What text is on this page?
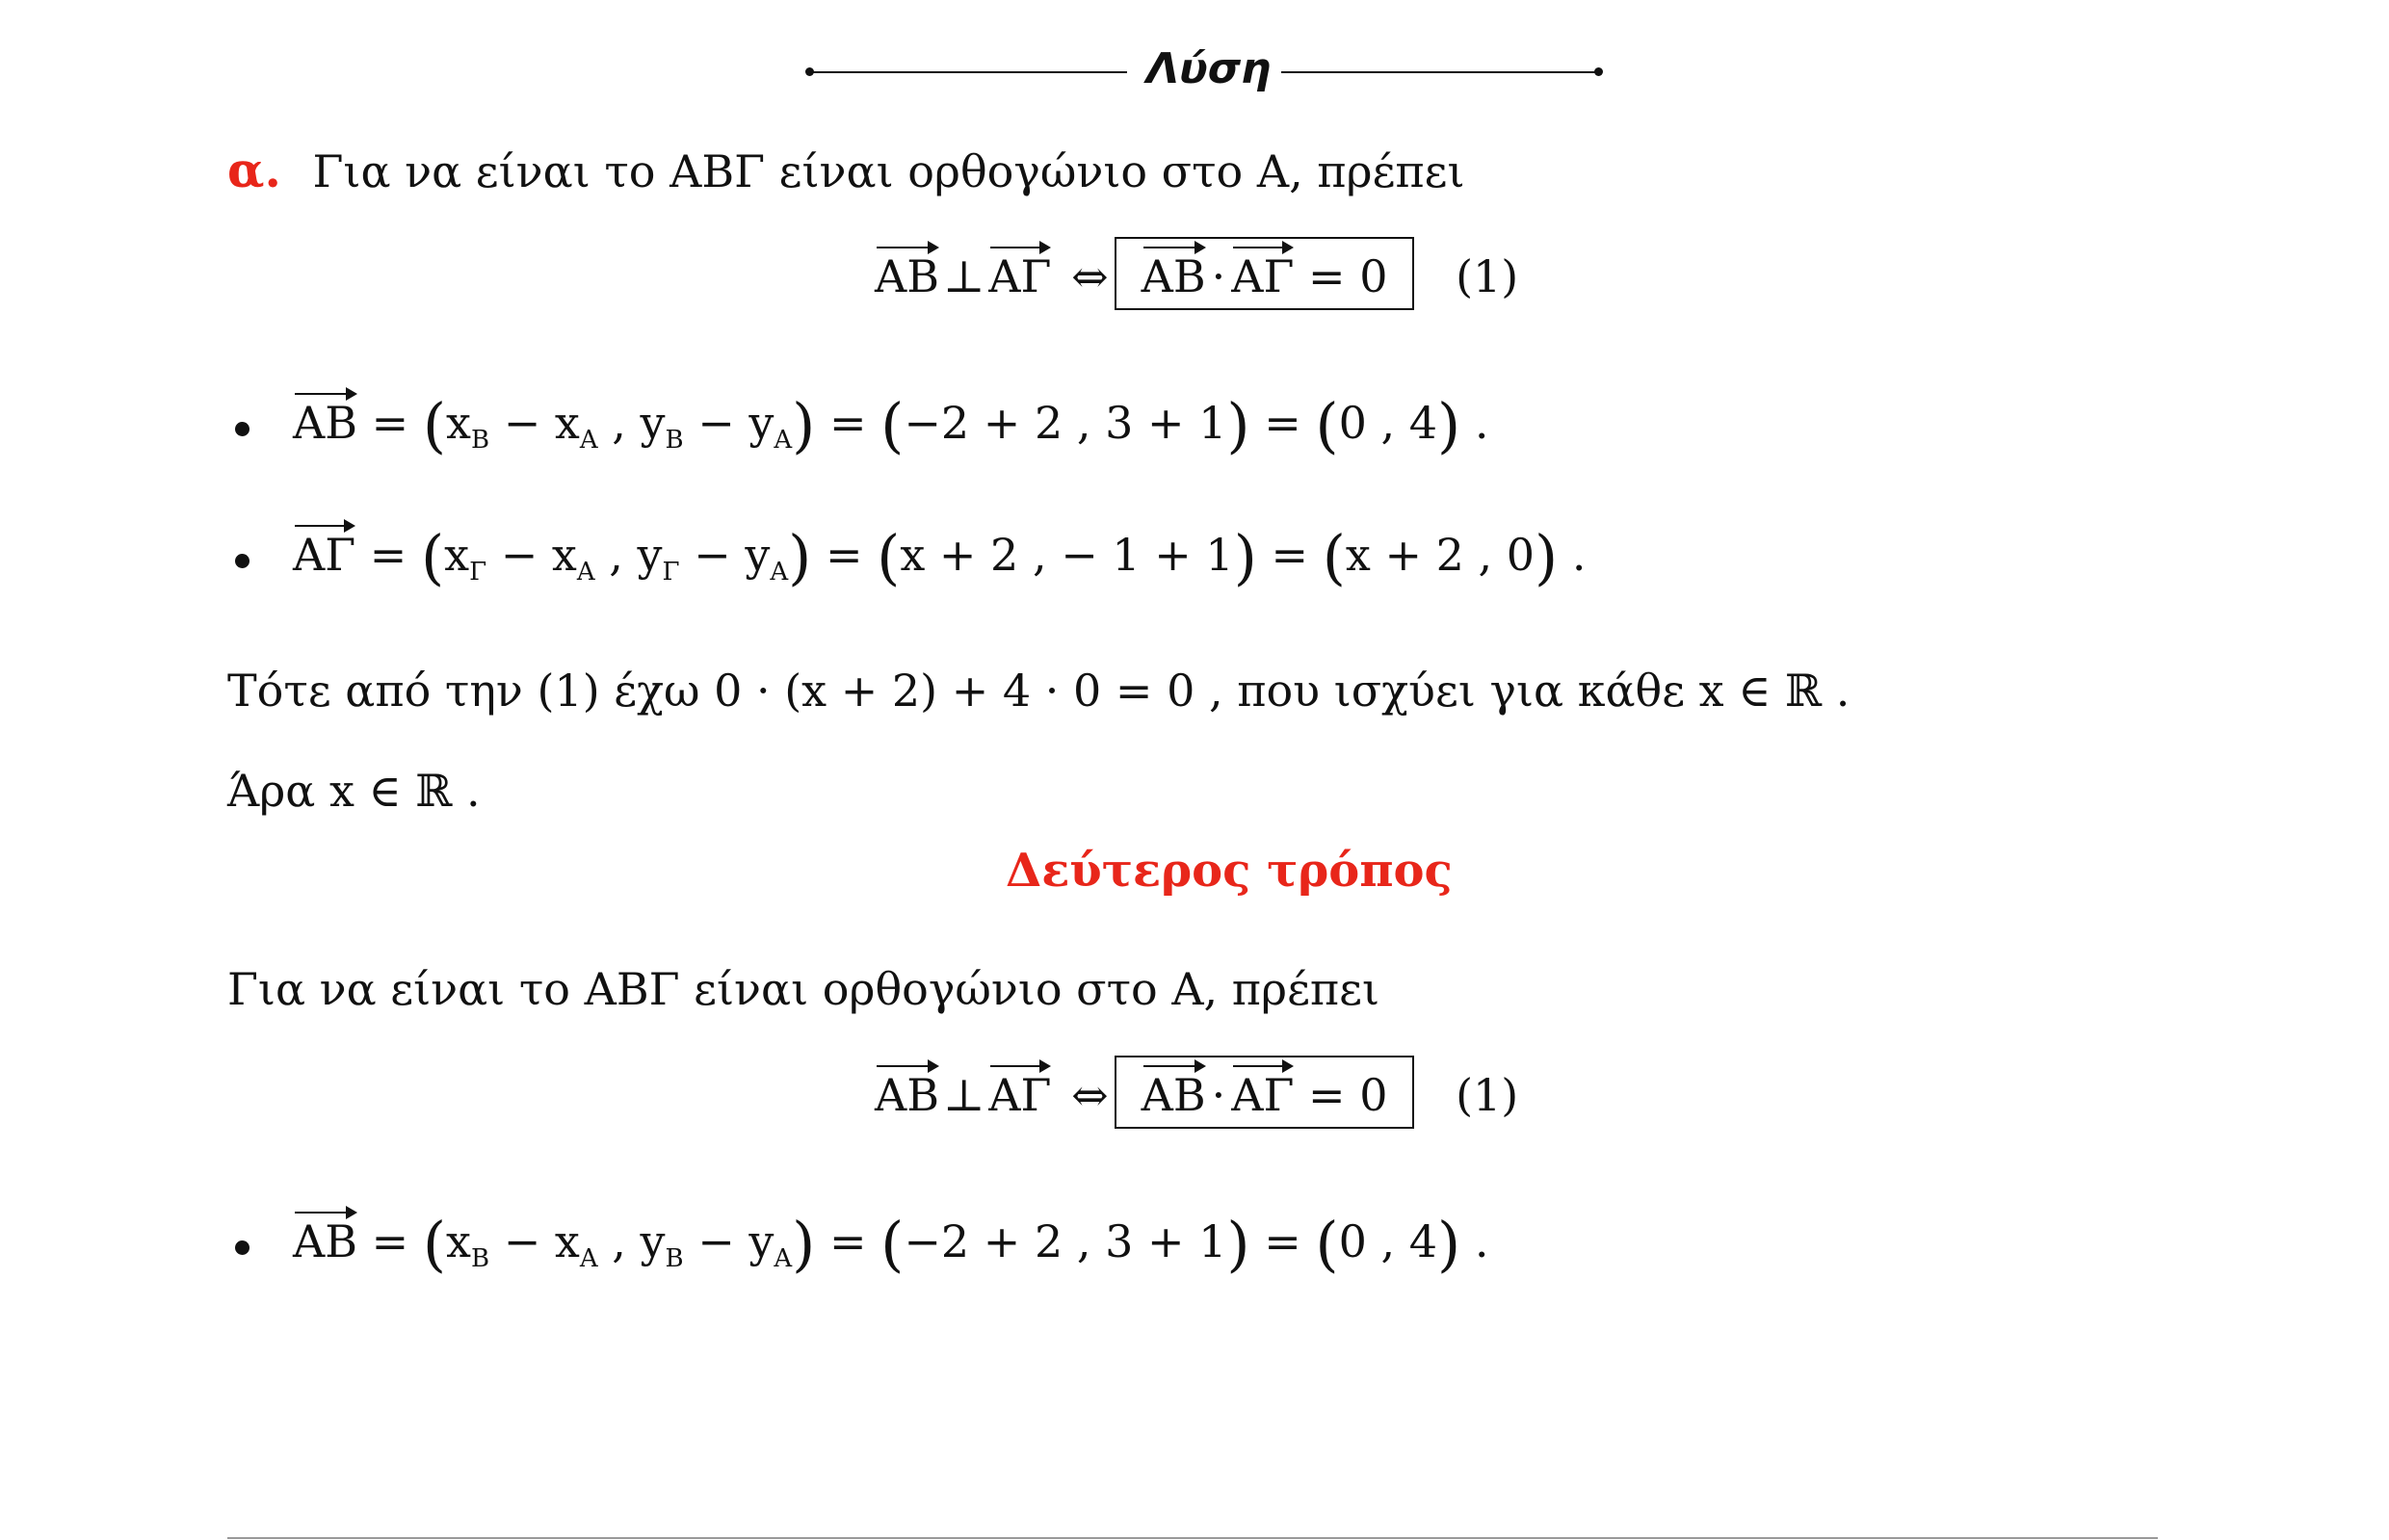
Λύση
α. Για να είναι το ΑΒΓ είναι ορθογώνιο στο Α, πρέπει
ΑΒ⊥ΑΓ ⇔ ΑΒ · ΑΓ = 0 (1)
$AB = (x_B - x_A$ , $y_B - y_A) = (-2 + 2$ , 3 + 1) = (0 , 4) .
$A\Gamma = (x_\Gamma - x_A$ , $y_\Gamma - y_A) = (x + 2$ , − 1 + 1) = (x + 2 , 0) .
Τότε από την (1) έχω 0 · (x + 2) + 4 · 0 = 0 , που ισχύει για κάθε x ∈ ℝ .
Άρα x ∈ ℝ .
Δεύτερος τρόπος
Για να είναι το ΑΒΓ είναι ορθογώνιο στο Α, πρέπει
ΑΒ⊥ΑΓ ⇔ ΑΒ · ΑΓ = 0 (1)
$AB = (x_B - x_A$ , $y_B - y_A) = (-2 + 2$ , 3 + 1) = (0 , 4) .
